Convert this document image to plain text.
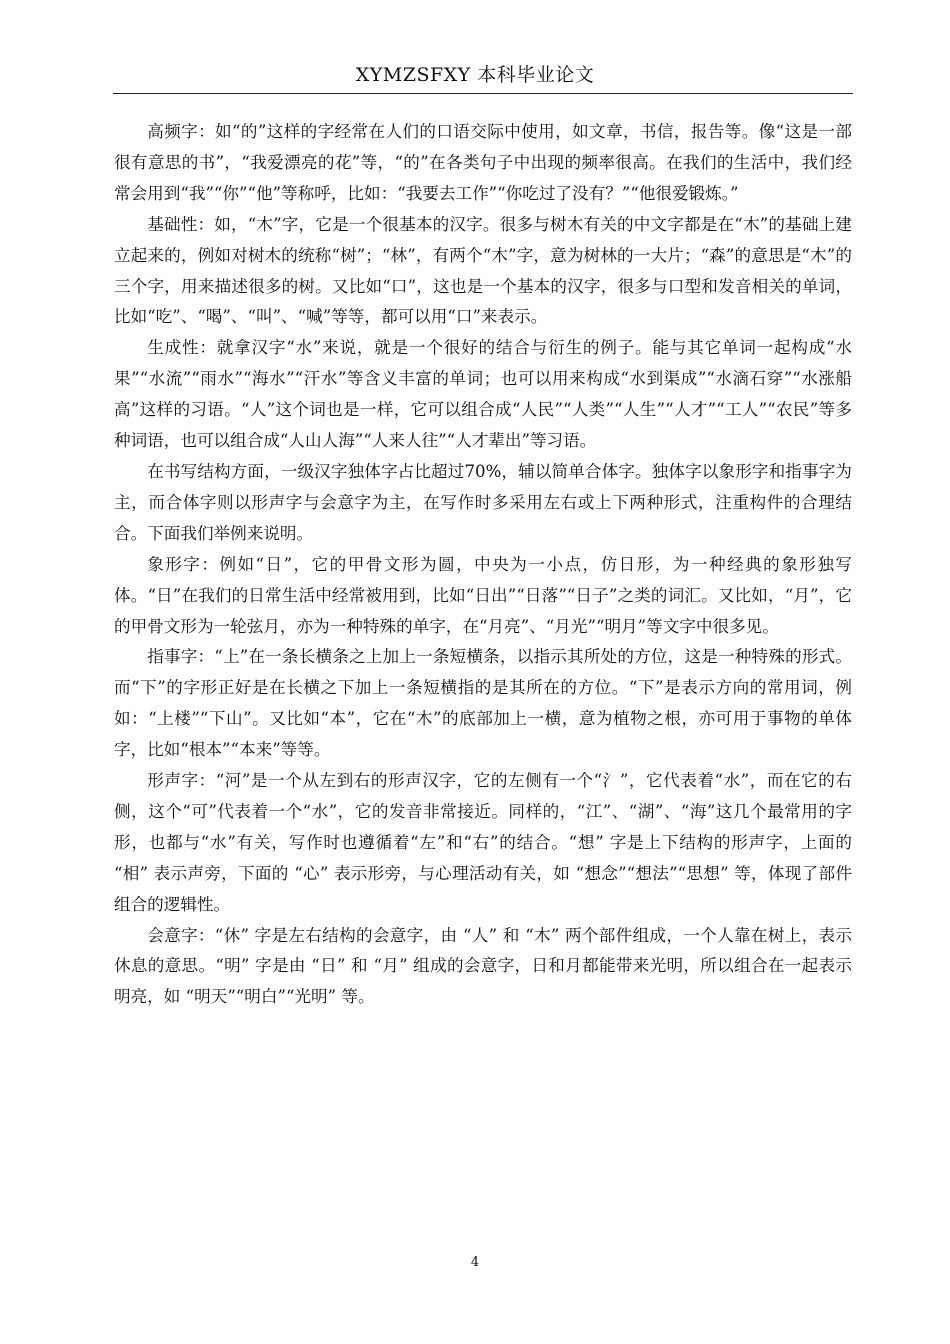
XYMZSFXY 本科毕业论文

高频字：如“的”这样的字经常在人们的口语交际中使用，如文章，书信，报告等。像“这是一部很有意思的书”，“我爱漂亮的花”等，“的”在各类句子中出现的频率很高。在我们的生活中，我们经常会用到“我”“你”“他”等称呼，比如：“我要去工作”“你吃过了没有？”“他很爱锻炼。”

基础性：如，“木”字，它是一个很基本的汉字。很多与树木有关的中文字都是在“木”的基础上建立起来的，例如对树木的统称“树”；“林”，有两个“木”字，意为树林的一大片；“森”的意思是“木”的三个字，用来描述很多的树。又比如“口”，这也是一个基本的汉字，很多与口型和发音相关的单词，比如“吃”、“喝”、“叫”、“喊”等等，都可以用“口”来表示。

生成性：就拿汉字“水”来说，就是一个很好的结合与衍生的例子。能与其它单词一起构成“水果”“水流”“雨水”“海水”“汗水”等含义丰富的单词；也可以用来构成“水到渠成”“水滴石穿”“水涨船高”这样的习语。“人”这个词也是一样，它可以组合成“人民”“人类”“人生”“人才”“工人”“农民”等多种词语，也可以组合成“人山人海”“人来人往”“人才辈出”等习语。

在书写结构方面，一级汉字独体字占比超过70%，辅以简单合体字。独体字以象形字和指事字为主，而合体字则以形声字与会意字为主，在写作时多采用左右或上下两种形式，注重构件的合理结合。下面我们举例来说明。

象形字：例如“日”，它的甲骨文形为圆，中央为一小点，仿日形，为一种经典的象形独写体。“日”在我们的日常生活中经常被用到，比如“日出”“日落”“日子”之类的词汇。又比如，“月”，它的甲骨文形为一轮弦月，亦为一种特殊的单字，在“月亮”、“月光”“明月”等文字中很多见。

指事字：“上”在一条长横条之上加上一条短横条，以指示其所处的方位，这是一种特殊的形式。而“下”的字形正好是在长横之下加上一条短横指的是其所在的方位。“下”是表示方向的常用词，例如：“上楼”“下山”。又比如“本”，它在“木”的底部加上一横，意为植物之根，亦可用于事物的单体字，比如“根本”“本来”等等。

形声字：“河”是一个从左到右的形声汉字，它的左侧有一个“氵”，它代表着“水”，而在它的右侧，这个“可”代表着一个“水”，它的发音非常接近。同样的，“江”、“湖”、“海”这几个最常用的字形，也都与“水”有关，写作时也遵循着“左”和“右”的结合。“想” 字是上下结构的形声字，上面的 “相” 表示声旁，下面的 “心” 表示形旁，与心理活动有关，如 “想念”“想法”“思想” 等，体现了部件组合的逻辑性。

会意字：“休” 字是左右结构的会意字，由 “人” 和 “木” 两个部件组成，一个人靠在树上，表示休息的意思。“明” 字是由 “日” 和 “月” 组成的会意字，日和月都能带来光明，所以组合在一起表示明亮，如 “明天”“明白”“光明” 等。

4
